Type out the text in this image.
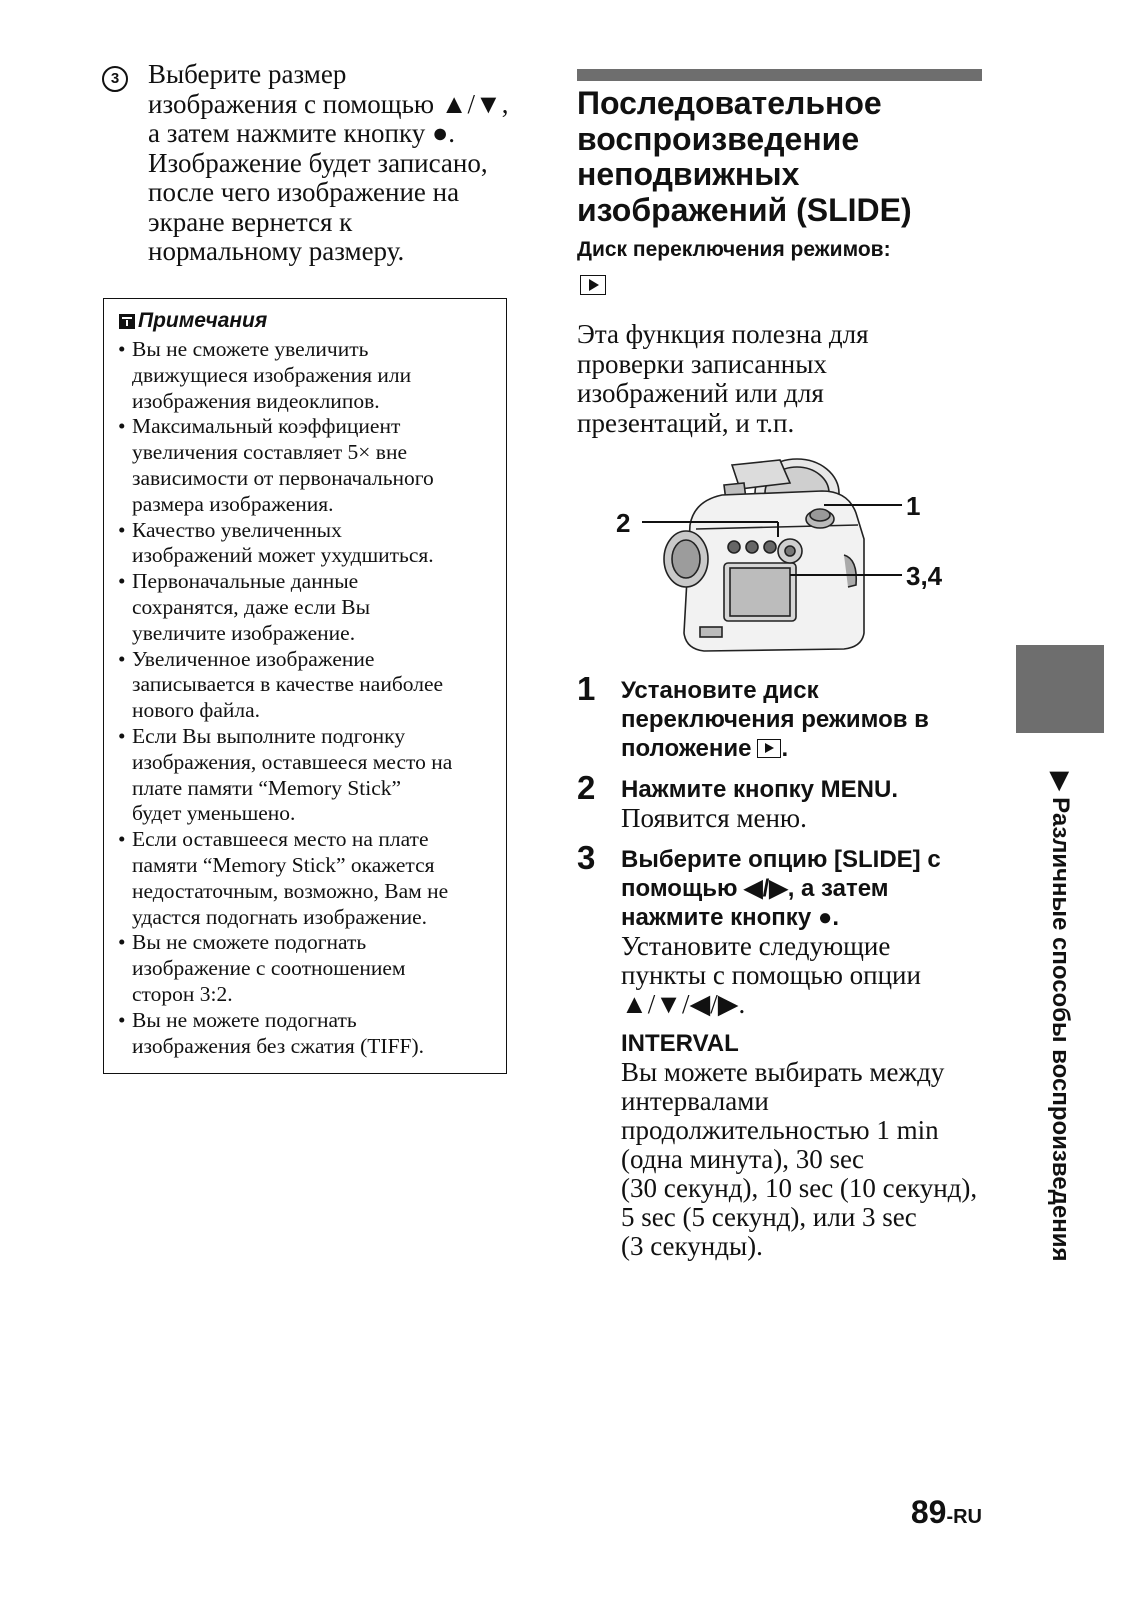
3	Выберите размер
изображения с помощью ▲/▼,
а затем нажмите кнопку ●.
Изображение будет записано,
после чего изображение на
экране вернется к
нормальному размеру.
Примечания
• Вы не сможете увеличить
движущиеся изображения или
изображения видеоклипов.
• Максимальный коэффициент
увеличения составляет 5× вне
зависимости от первоначального
размера изображения.
• Качество увеличенных
изображений может ухудшиться.
• Первоначальные данные
сохранятся, даже если Вы
увеличите изображение.
• Увеличенное изображение
записывается в качестве наиболее
нового файла.
• Если Вы выполните подгонку
изображения, оставшееся место на
плате памяти “Memory Stick”
будет уменьшено.
• Если оставшееся место на плате
памяти “Memory Stick” окажется
недостаточным, возможно, Вам не
удастся подогнать изображение.
• Вы не сможете подогнать
изображение с соотношением
сторон 3:2.
• Вы не можете подогнать
изображения без сжатия (TIFF).
Последовательное
воспроизведение
неподвижных
изображений (SLIDE)
Диск переключения режимов:
Эта функция полезна для
проверки записанных
изображений или для
презентаций, и т.п.
1
2
3,4
1 Установите диск
переключения режимов в
положение .
2 Нажмите кнопку MENU.
Появится меню.
3 Выберите опцию [SLIDE] с
помощью ◀/▶, а затем
нажмите кнопку ●.
Установите следующие
пункты с помощью опции
▲/▼/◀/▶.
INTERVAL
Вы можете выбирать между
интервалами
продолжительностью 1 min
(одна минута), 30 sec
(30 секунд), 10 sec (10 секунд),
5 sec (5 секунд), или 3 sec
(3 секунды).	▶ Различные способы воспроизведения
89-RU
